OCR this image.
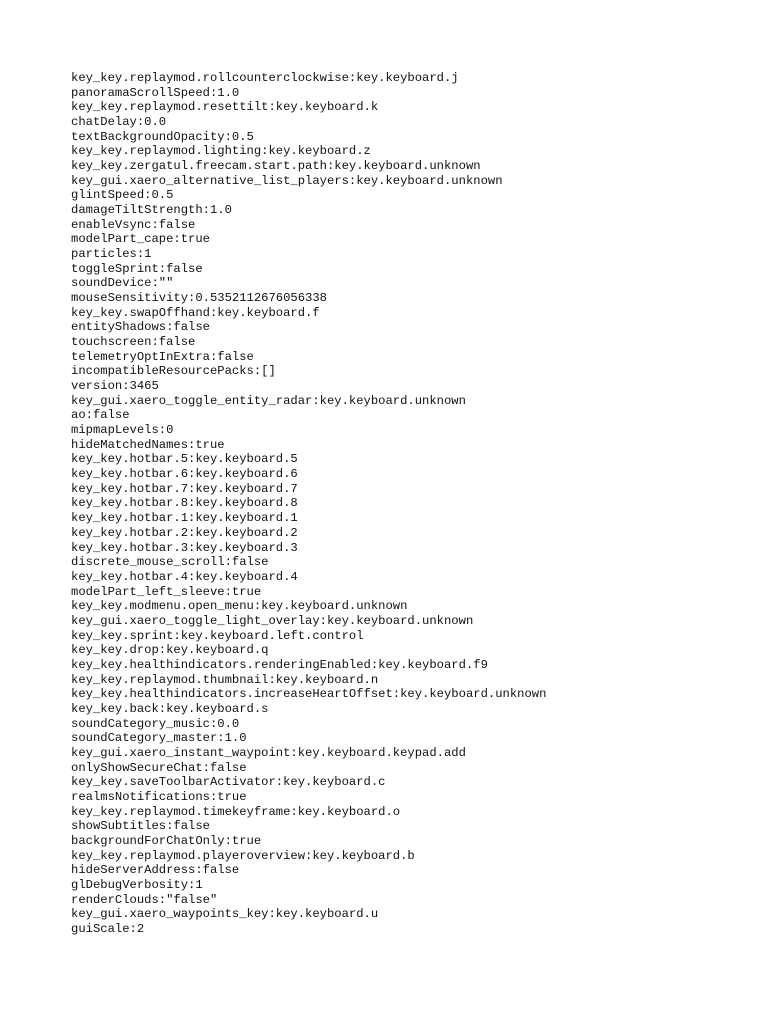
key_key.replaymod.rollcounterclockwise:key.keyboard.j
panoramaScrollSpeed:1.0
key_key.replaymod.resettilt:key.keyboard.k
chatDelay:0.0
textBackgroundOpacity:0.5
key_key.replaymod.lighting:key.keyboard.z
key_key.zergatul.freecam.start.path:key.keyboard.unknown
key_gui.xaero_alternative_list_players:key.keyboard.unknown
glintSpeed:0.5
damageTiltStrength:1.0
enableVsync:false
modelPart_cape:true
particles:1
toggleSprint:false
soundDevice:""
mouseSensitivity:0.5352112676056338
key_key.swapOffhand:key.keyboard.f
entityShadows:false
touchscreen:false
telemetryOptInExtra:false
incompatibleResourcePacks:[]
version:3465
key_gui.xaero_toggle_entity_radar:key.keyboard.unknown
ao:false
mipmapLevels:0
hideMatchedNames:true
key_key.hotbar.5:key.keyboard.5
key_key.hotbar.6:key.keyboard.6
key_key.hotbar.7:key.keyboard.7
key_key.hotbar.8:key.keyboard.8
key_key.hotbar.1:key.keyboard.1
key_key.hotbar.2:key.keyboard.2
key_key.hotbar.3:key.keyboard.3
discrete_mouse_scroll:false
key_key.hotbar.4:key.keyboard.4
modelPart_left_sleeve:true
key_key.modmenu.open_menu:key.keyboard.unknown
key_gui.xaero_toggle_light_overlay:key.keyboard.unknown
key_key.sprint:key.keyboard.left.control
key_key.drop:key.keyboard.q
key_key.healthindicators.renderingEnabled:key.keyboard.f9
key_key.replaymod.thumbnail:key.keyboard.n
key_key.healthindicators.increaseHeartOffset:key.keyboard.unknown
key_key.back:key.keyboard.s
soundCategory_music:0.0
soundCategory_master:1.0
key_gui.xaero_instant_waypoint:key.keyboard.keypad.add
onlyShowSecureChat:false
key_key.saveToolbarActivator:key.keyboard.c
realmsNotifications:true
key_key.replaymod.timekeyframe:key.keyboard.o
showSubtitles:false
backgroundForChatOnly:true
key_key.replaymod.playeroverview:key.keyboard.b
hideServerAddress:false
glDebugVerbosity:1
renderClouds:"false"
key_gui.xaero_waypoints_key:key.keyboard.u
guiScale:2
